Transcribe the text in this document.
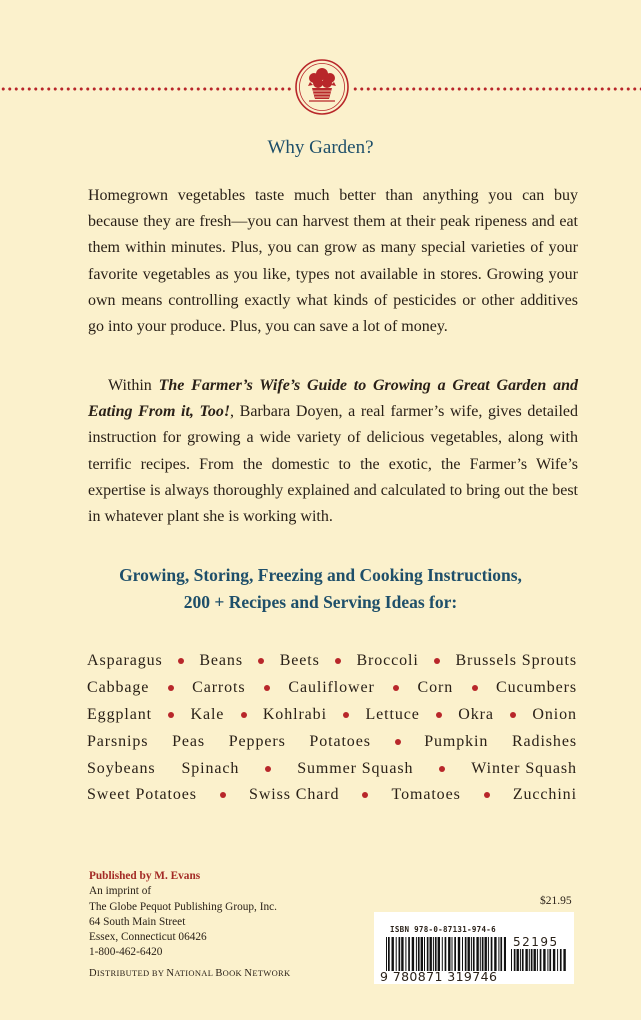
Why Garden?
Homegrown vegetables taste much better than anything you can buy because they are fresh—you can harvest them at their peak ripeness and eat them within minutes. Plus, you can grow as many special varieties of your favorite vegetables as you like, types not available in stores. Growing your own means controlling exactly what kinds of pesticides or other additives go into your produce. Plus, you can save a lot of money.
Within The Farmer’s Wife’s Guide to Growing a Great Garden and Eating From it, Too!, Barbara Doyen, a real farmer’s wife, gives detailed instruction for growing a wide variety of delicious vegetables, along with terrific recipes. From the domestic to the exotic, the Farmer’s Wife’s expertise is always thoroughly explained and calculated to bring out the best in whatever plant she is working with.
Growing, Storing, Freezing and Cooking Instructions,
200 + Recipes and Serving Ideas for:
Asparagus Beans Beets Broccoli Brussels Sprouts
Cabbage	Carrots	Cauliflower	Corn	Cucumbers
Eggplant Kale Kohlrabi Lettuce Okra Onion
Parsnips Peas Peppers Potatoes	Pumpkin Radishes
Soybeans Spinach	Summer Squash	Winter Squash
Sweet Potatoes	Swiss Chard	Tomatoes	Zucchini
Published by M. Evans
An imprint of
The Globe Pequot Publishing Group, Inc.
64 South Main Street
Essex, Connecticut 06426
1-800-462-6420
DISTRIBUTED BY NATIONAL BOOK NETWORK
$21.95
ISBN 978-0-87131-974-6
52195
9 780871 319746
